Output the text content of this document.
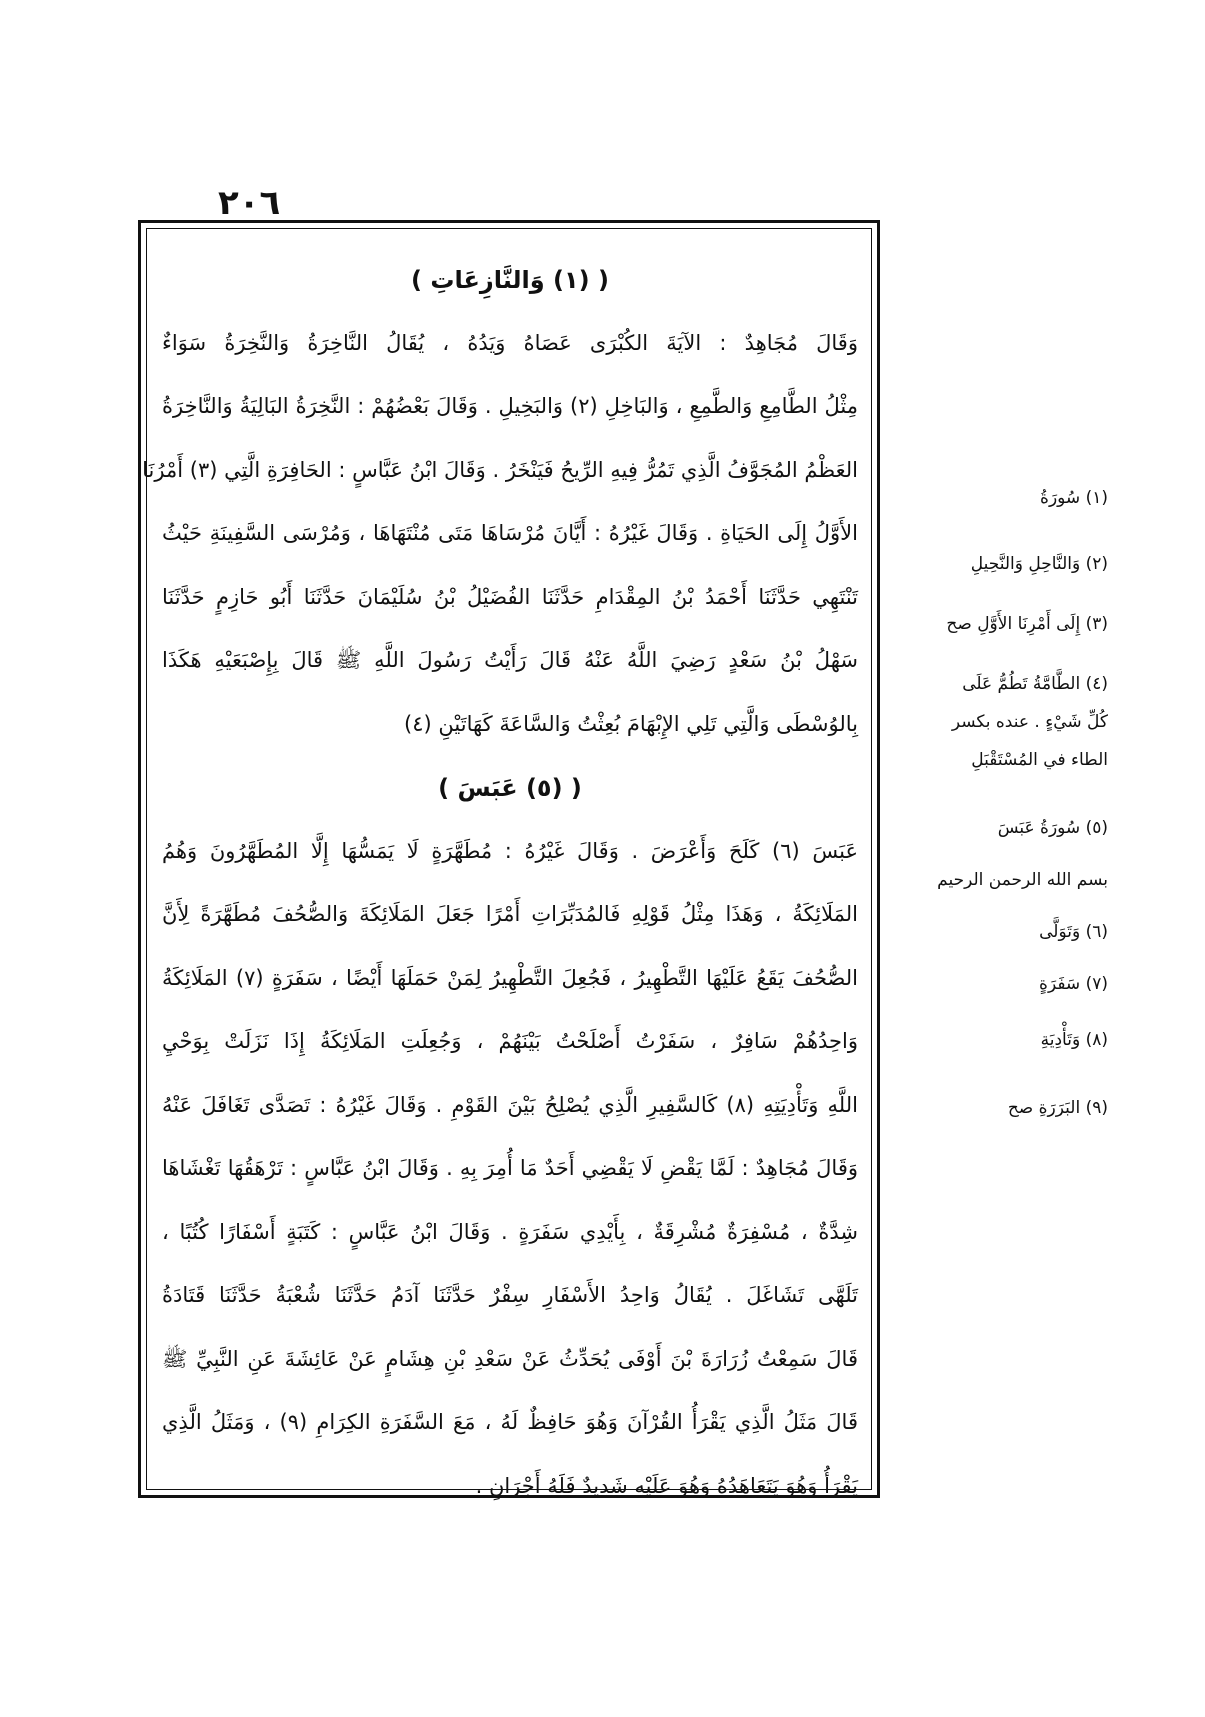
٢٠٦
( (١) وَالنَّازِعَاتِ )
وَقَالَ مُجَاهِدٌ : الآيَةَ الكُبْرَى عَصَاهُ وَيَدُهُ ، يُقَالُ النَّاخِرَةُ وَالنَّخِرَةُ سَوَاءٌ
مِثْلُ الطَّامِعِ وَالطَّمِعِ ، وَالبَاخِلِ (٢) وَالبَخِيلِ . وَقَالَ بَعْضُهُمْ : النَّخِرَةُ البَالِيَةُ وَالنَّاخِرَةُ
العَظْمُ المُجَوَّفُ الَّذِي تَمُرُّ فِيهِ الرِّيحُ فَيَنْخَرُ . وَقَالَ ابْنُ عَبَّاسٍ : الحَافِرَةِ الَّتِي (٣) أَمْرُنَا
الأَوَّلُ إِلَى الحَيَاةِ . وَقَالَ غَيْرُهُ : أَيَّانَ مُرْسَاهَا مَتَى مُنْتَهَاهَا ، وَمُرْسَى السَّفِينَةِ حَيْثُ
تَنْتَهِي حَدَّثَنَا أَحْمَدُ بْنُ المِقْدَامِ حَدَّثَنَا الفُضَيْلُ بْنُ سُلَيْمَانَ حَدَّثَنَا أَبُو حَازِمٍ حَدَّثَنَا
سَهْلُ بْنُ سَعْدٍ رَضِيَ اللَّهُ عَنْهُ قَالَ رَأَيْتُ رَسُولَ اللَّهِ ﷺ قَالَ بِإِصْبَعَيْهِ هَكَذَا
بِالوُسْطَى وَالَّتِي تَلِي الإِبْهَامَ بُعِثْتُ وَالسَّاعَةَ كَهَاتَيْنِ (٤)
( (٥) عَبَسَ )
عَبَسَ (٦) كَلَحَ وَأَعْرَضَ . وَقَالَ غَيْرُهُ : مُطَهَّرَةٍ لَا يَمَسُّهَا إِلَّا المُطَهَّرُونَ وَهُمُ
المَلَائِكَةُ ، وَهَذَا مِثْلُ قَوْلِهِ فَالمُدَبِّرَاتِ أَمْرًا جَعَلَ المَلَائِكَةَ وَالصُّحُفَ مُطَهَّرَةً لِأَنَّ
الصُّحُفَ يَقَعُ عَلَيْهَا التَّطْهِيرُ ، فَجُعِلَ التَّطْهِيرُ لِمَنْ حَمَلَهَا أَيْضًا ، سَفَرَةٍ (٧) المَلَائِكَةُ
وَاحِدُهُمْ سَافِرٌ ، سَفَرْتُ أَصْلَحْتُ بَيْنَهُمْ ، وَجُعِلَتِ المَلَائِكَةُ إِذَا نَزَلَتْ بِوَحْيِ
اللَّهِ وَتَأْدِيَتِهِ (٨) كَالسَّفِيرِ الَّذِي يُصْلِحُ بَيْنَ القَوْمِ . وَقَالَ غَيْرُهُ : تَصَدَّى تَغَافَلَ عَنْهُ
وَقَالَ مُجَاهِدٌ : لَمَّا يَقْضِ لَا يَقْضِي أَحَدٌ مَا أُمِرَ بِهِ . وَقَالَ ابْنُ عَبَّاسٍ : تَرْهَقُهَا تَغْشَاهَا
شِدَّةٌ ، مُسْفِرَةٌ مُشْرِقَةٌ ، بِأَيْدِي سَفَرَةٍ . وَقَالَ ابْنُ عَبَّاسٍ : كَتَبَةٍ أَسْفَارًا كُتُبًا ،
تَلَهَّى تَشَاغَلَ . يُقَالُ وَاحِدُ الأَسْفَارِ سِفْرٌ حَدَّثَنَا آدَمُ حَدَّثَنَا شُعْبَةُ حَدَّثَنَا قَتَادَةُ
قَالَ سَمِعْتُ زُرَارَةَ بْنَ أَوْفَى يُحَدِّثُ عَنْ سَعْدِ بْنِ هِشَامٍ عَنْ عَائِشَةَ عَنِ النَّبِيِّ ﷺ
قَالَ مَثَلُ الَّذِي يَقْرَأُ القُرْآنَ وَهُوَ حَافِظٌ لَهُ ، مَعَ السَّفَرَةِ الكِرَامِ (٩) ، وَمَثَلُ الَّذِي
يَقْرَأُ وَهُوَ يَتَعَاهَدُهُ وَهُوَ عَلَيْهِ شَدِيدٌ فَلَهُ أَجْرَانِ .
(١) سُورَةُ
(٢) وَالنَّاحِلِ وَالنَّحِيلِ
(٣) إِلَى أَمْرِنَا الأَوَّلِ صح
(٤) الطَّامَّةُ تَطُمُّ عَلَى
كُلِّ شَيْءٍ . عنده بكسر
الطاء في المُسْتَقْبَلِ
(٥) سُورَةُ عَبَسَ
بسم الله الرحمن الرحيم
(٦) وَتَوَلَّى
(٧) سَفَرَةٍ
(٨) وَتَأْدِيَةِ
(٩) البَرَرَةِ صح
